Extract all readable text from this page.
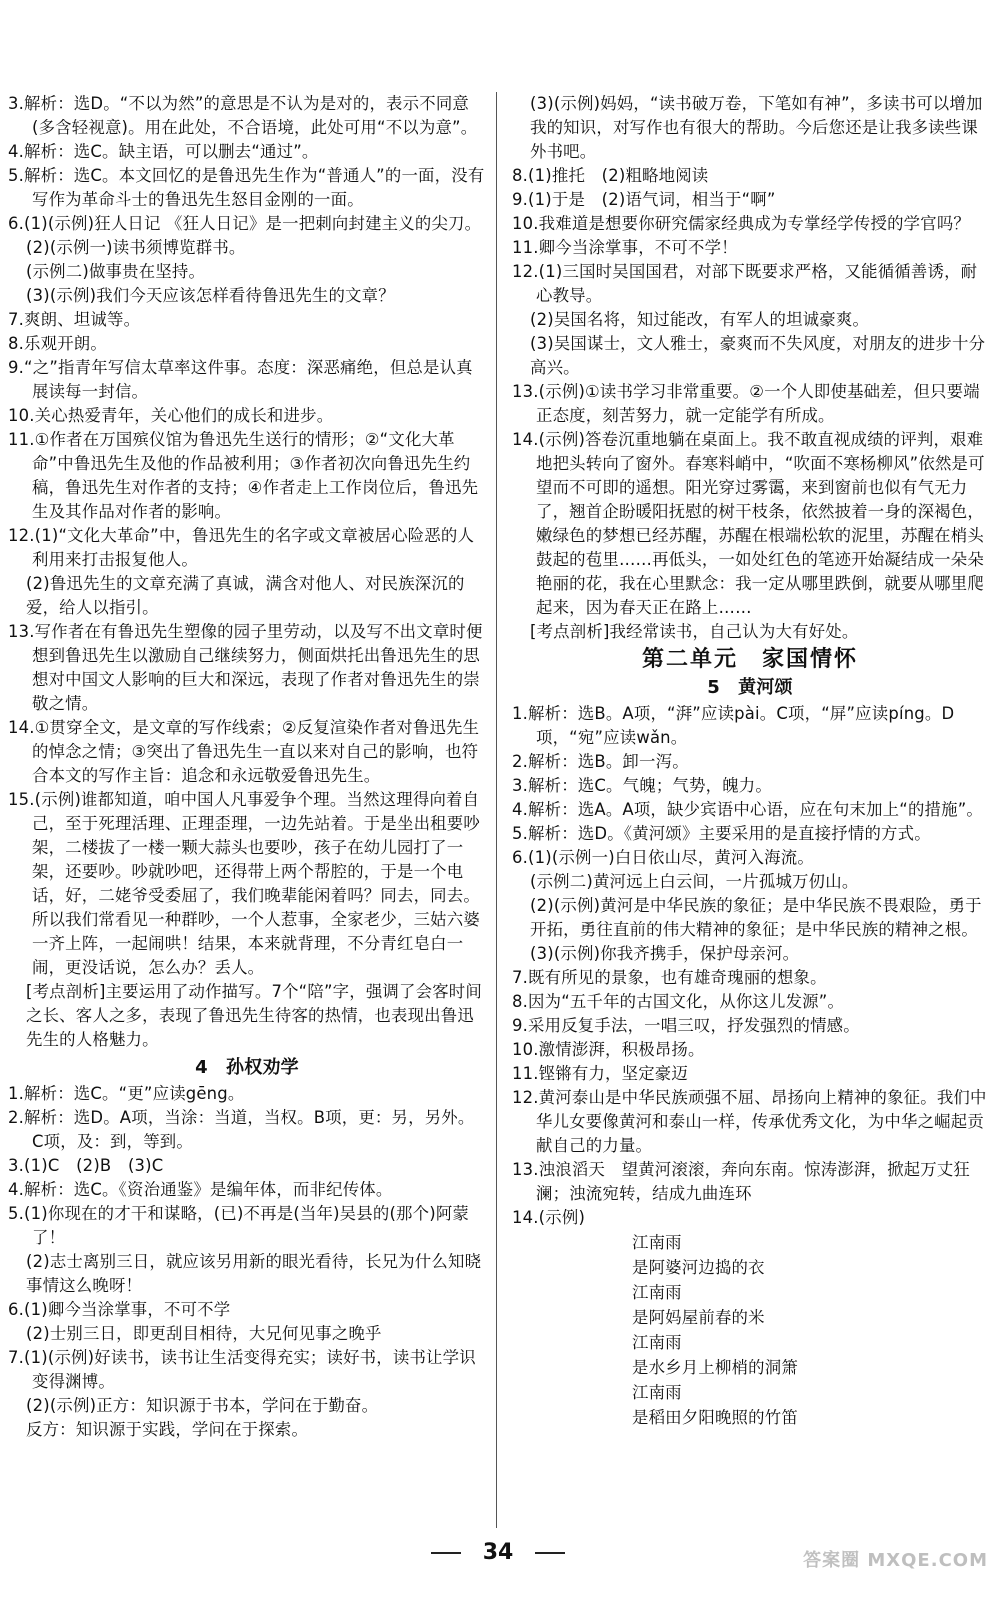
3.解析：选D。“不以为然”的意思是不认为是对的，表示不同意(多含轻视意)。用在此处，不合语境，此处可用“不以为意”。

4.解析：选C。缺主语，可以删去“通过”。

5.解析：选C。本文回忆的是鲁迅先生作为“普通人”的一面，没有写作为革命斗士的鲁迅先生怒目金刚的一面。

6.(1)(示例)狂人日记 《狂人日记》是一把刺向封建主义的尖刀。

(2)(示例一)读书须博览群书。

(示例二)做事贵在坚持。

(3)(示例)我们今天应该怎样看待鲁迅先生的文章？

7.爽朗、坦诚等。

8.乐观开朗。

9.“之”指青年写信太草率这件事。态度：深恶痛绝，但总是认真展读每一封信。

10.关心热爱青年，关心他们的成长和进步。

11.①作者在万国殡仪馆为鲁迅先生送行的情形；②“文化大革命”中鲁迅先生及他的作品被利用；③作者初次向鲁迅先生约稿，鲁迅先生对作者的支持；④作者走上工作岗位后，鲁迅先生及其作品对作者的影响。

12.(1)“文化大革命”中，鲁迅先生的名字或文章被居心险恶的人利用来打击报复他人。

(2)鲁迅先生的文章充满了真诚，满含对他人、对民族深沉的爱，给人以指引。

13.写作者在有鲁迅先生塑像的园子里劳动，以及写不出文章时便想到鲁迅先生以激励自己继续努力，侧面烘托出鲁迅先生的思想对中国文人影响的巨大和深远，表现了作者对鲁迅先生的崇敬之情。

14.①贯穿全文，是文章的写作线索；②反复渲染作者对鲁迅先生的悼念之情；③突出了鲁迅先生一直以来对自己的影响，也符合本文的写作主旨：追念和永远敬爱鲁迅先生。

15.(示例)谁都知道，咱中国人凡事爱争个理。当然这理得向着自己，至于死理活理、正理歪理，一边先站着。于是坐出租要吵架，二楼拔了一楼一颗大蒜头也要吵，孩子在幼儿园打了一架，还要吵。吵就吵吧，还得带上两个帮腔的，于是一个电话，好，二姥爷受委屈了，我们晚辈能闲着吗？同去，同去。所以我们常看见一种群吵，一个人惹事，全家老少，三姑六婆一齐上阵，一起闹哄！结果，本来就背理，不分青红皂白一闹，更没话说，怎么办？丢人。

[考点剖析]主要运用了动作描写。7个“陪”字，强调了会客时间之长、客人之多，表现了鲁迅先生待客的热情，也表现出鲁迅先生的人格魅力。

4　孙权劝学

1.解析：选C。“更”应读gēng。

2.解析：选D。A项，当涂：当道，当权。B项，更：另，另外。C项，及：到，等到。

3.(1)C　(2)B　(3)C

4.解析：选C。《资治通鉴》是编年体，而非纪传体。

5.(1)你现在的才干和谋略，(已)不再是(当年)吴县的(那个)阿蒙了！

(2)志士离别三日，就应该另用新的眼光看待，长兄为什么知晓事情这么晚呀！

6.(1)卿今当涂掌事，不可不学

(2)士别三日，即更刮目相待，大兄何见事之晚乎

7.(1)(示例)好读书，读书让生活变得充实；读好书，读书让学识变得渊博。

(2)(示例)正方：知识源于书本，学问在于勤奋。

反方：知识源于实践，学问在于探索。

(3)(示例)妈妈，“读书破万卷，下笔如有神”，多读书可以增加我的知识，对写作也有很大的帮助。今后您还是让我多读些课外书吧。

8.(1)推托　(2)粗略地阅读

9.(1)于是　(2)语气词，相当于“啊”

10.我难道是想要你研究儒家经典成为专掌经学传授的学官吗？

11.卿今当涂掌事，不可不学！

12.(1)三国时吴国国君，对部下既要求严格，又能循循善诱，耐心教导。

(2)吴国名将，知过能改，有军人的坦诚豪爽。

(3)吴国谋士，文人雅士，豪爽而不失风度，对朋友的进步十分高兴。

13.(示例)①读书学习非常重要。②一个人即使基础差，但只要端正态度，刻苦努力，就一定能学有所成。

14.(示例)答卷沉重地躺在桌面上。我不敢直视成绩的评判，艰难地把头转向了窗外。春寒料峭中，“吹面不寒杨柳风”依然是可望而不可即的遥想。阳光穿过雾霭，来到窗前也似有气无力了，翘首企盼暖阳抚慰的树干枝条，依然披着一身的深褐色，嫩绿色的梦想已经苏醒，苏醒在根端松软的泥里，苏醒在梢头鼓起的苞里……再低头，一如处红色的笔迹开始凝结成一朵朵艳丽的花，我在心里默念：我一定从哪里跌倒，就要从哪里爬起来，因为春天正在路上……

[考点剖析]我经常读书，自己认为大有好处。

第二单元　家国情怀

5　黄河颂

1.解析：选B。A项，“湃”应读pài。C项，“屏”应读píng。D项，“宛”应读wǎn。

2.解析：选B。卸一泻。

3.解析：选C。气魄；气势，魄力。

4.解析：选A。A项，缺少宾语中心语，应在句末加上“的措施”。

5.解析：选D。《黄河颂》主要采用的是直接抒情的方式。

6.(1)(示例一)白日依山尽，黄河入海流。

(示例二)黄河远上白云间，一片孤城万仞山。

(2)(示例)黄河是中华民族的象征；是中华民族不畏艰险，勇于开拓，勇往直前的伟大精神的象征；是中华民族的精神之根。

(3)(示例)你我齐携手，保护母亲河。

7.既有所见的景象，也有雄奇瑰丽的想象。

8.因为“五千年的古国文化，从你这儿发源”。

9.采用反复手法，一唱三叹，抒发强烈的情感。

10.激情澎湃，积极昂扬。

11.铿锵有力，坚定豪迈

12.黄河泰山是中华民族顽强不屈、昂扬向上精神的象征。我们中华儿女要像黄河和泰山一样，传承优秀文化，为中华之崛起贡献自己的力量。

13.浊浪滔天　望黄河滚滚，奔向东南。惊涛澎湃，掀起万丈狂澜；浊流宛转，结成九曲连环

14.(示例)

江南雨

是阿婆河边捣的衣

江南雨

是阿妈屋前春的米

江南雨

是水乡月上柳梢的洞箫

江南雨

是稻田夕阳晚照的竹笛

34	答案圈 MXQE.COM
